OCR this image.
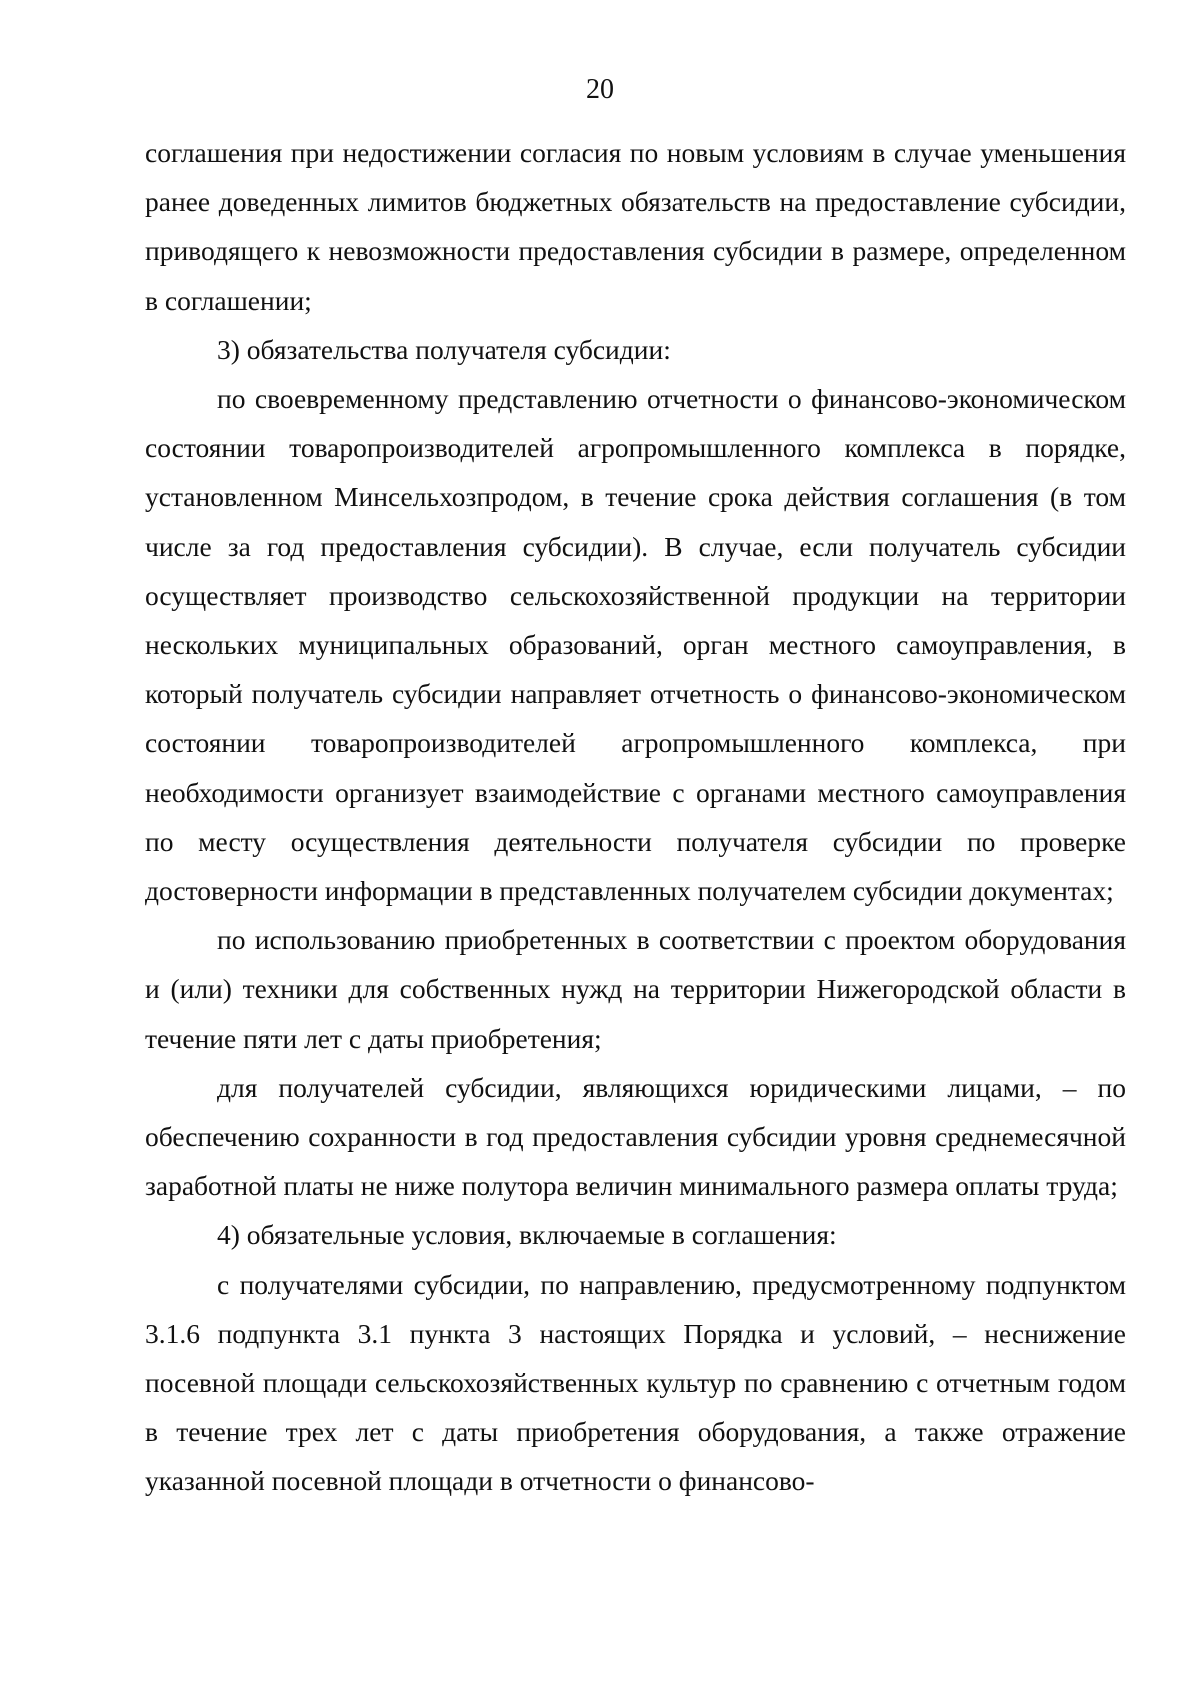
20

соглашения при недостижении согласия по новым условиям в случае уменьшения ранее доведенных лимитов бюджетных обязательств на предоставление субсидии, приводящего к невозможности предоставления субсидии в размере, определенном в соглашении;

3) обязательства получателя субсидии:

по своевременному представлению отчетности о финансово-экономическом состоянии товаропроизводителей агропромышленного комплекса в порядке, установленном Минсельхозпродом, в течение срока действия соглашения (в том числе за год предоставления субсидии). В случае, если получатель субсидии осуществляет производство сельскохозяйственной продукции на территории нескольких муниципальных образований, орган местного самоуправления, в который получатель субсидии направляет отчетность о финансово-экономическом состоянии товаропроизводителей агропромышленного комплекса, при необходимости организует взаимодействие с органами местного самоуправления по месту осуществления деятельности получателя субсидии по проверке достоверности информации в представленных получателем субсидии документах;

по использованию приобретенных в соответствии с проектом оборудования и (или) техники для собственных нужд на территории Нижегородской области в течение пяти лет с даты приобретения;

для получателей субсидии, являющихся юридическими лицами, – по обеспечению сохранности в год предоставления субсидии уровня среднемесячной заработной платы не ниже полутора величин минимального размера оплаты труда;

4) обязательные условия, включаемые в соглашения:

с получателями субсидии, по направлению, предусмотренному подпунктом 3.1.6 подпункта 3.1 пункта 3 настоящих Порядка и условий, – неснижение посевной площади сельскохозяйственных культур по сравнению с отчетным годом в течение трех лет с даты приобретения оборудования, а также отражение указанной посевной площади в отчетности о финансово-
